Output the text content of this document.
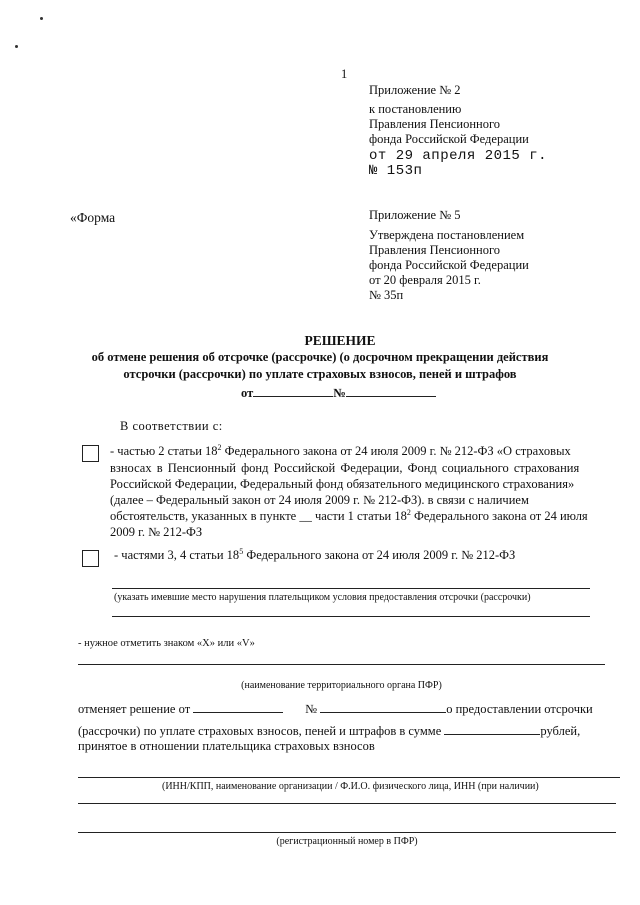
1
Приложение № 2
к постановлению
Правления Пенсионного
фонда Российской Федерации
от 29 апреля 2015 г.
№ 153п
«Форма	Приложение № 5
Утверждена постановлением
Правления Пенсионного
фонда Российской Федерации
от 20 февраля 2015 г.
№ 35п
РЕШЕНИЕ
об отмене решения об отсрочке (рассрочке) (о досрочном прекращении действия
отсрочки (рассрочки) по уплате страховых взносов, пеней и штрафов
от	№
В соответствии с:
- частью 2 статьи $18^2$ Федерального закона от 24 июля 2009 г. № 212-ФЗ «О страховых
взносах в Пенсионный фонд Российской Федерации, Фонд социального страхования
Российской Федерации, Федеральный фонд обязательного медицинского страхования»
(далее – Федеральный закон от 24 июля 2009 г. № 212-ФЗ). в связи с наличием
обстоятельств, указанных в пункте __ части 1 статьи $18^2$ Федерального закона от 24 июля
2009 г. № 212-ФЗ
- частями 3, 4 статьи $18^5$ Федерального закона от 24 июля 2009 г. № 212-ФЗ
(указать имевшие место нарушения плательщиком условия предоставления отсрочки (рассрочки)
- нужное отметить знаком «Х» или «V»
(наименование территориального органа ПФР)
отменяет решение от	№	о предоставлении отсрочки
(рассрочки) по уплате страховых взносов, пеней и штрафов в сумме	рублей,
принятое в отношении плательщика страховых взносов
(ИНН/КПП, наименование организации / Ф.И.О. физического лица, ИНН (при наличии)
(регистрационный номер в ПФР)
